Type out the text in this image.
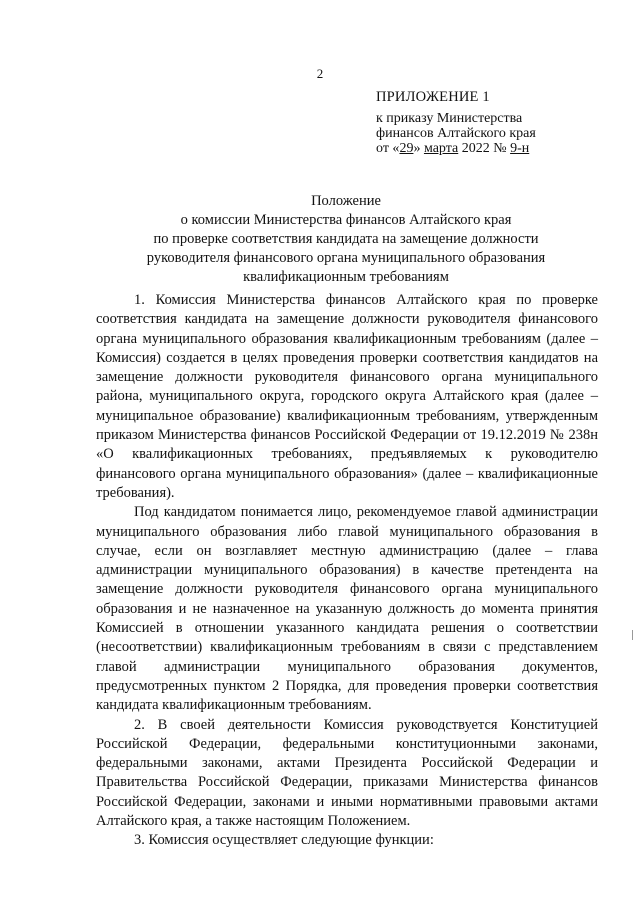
2
ПРИЛОЖЕНИЕ 1
к приказу Министерства
финансов Алтайского края
от «29» марта 2022 № 9-н
Положение
о комиссии Министерства финансов Алтайского края
по проверке соответствия кандидата на замещение должности
руководителя финансового органа муниципального образования
квалификационным требованиям

1. Комиссия Министерства финансов Алтайского края по проверке соответствия кандидата на замещение должности руководителя финансового органа муниципального образования квалификационным требованиям (далее – Комиссия) создается в целях проведения проверки соответствия кандидатов на замещение должности руководителя финансового органа муниципального района, муниципального округа, городского округа Алтайского края (далее – муниципальное образование) квалификационным требованиям, утвержденным приказом Министерства финансов Российской Федерации от 19.12.2019 № 238н «О квалификационных требованиях, предъявляемых к руководителю финансового органа муниципального образования» (далее – квалификационные требования).

Под кандидатом понимается лицо, рекомендуемое главой администрации муниципального образования либо главой муниципального образования в случае, если он возглавляет местную администрацию (далее – глава администрации муниципального образования) в качестве претендента на замещение должности руководителя финансового органа муниципального образования и не назначенное на указанную должность до момента принятия Комиссией в отношении указанного кандидата решения о соответствии (несоответствии) квалификационным требованиям в связи с представлением главой администрации муниципального образования документов, предусмотренных пунктом 2 Порядка, для проведения проверки соответствия кандидата квалификационным требованиям.

2. В своей деятельности Комиссия руководствуется Конституцией Российской Федерации, федеральными конституционными законами, федеральными законами, актами Президента Российской Федерации и Правительства Российской Федерации, приказами Министерства финансов Российской Федерации, законами и иными нормативными правовыми актами Алтайского края, а также настоящим Положением.

3. Комиссия осуществляет следующие функции:
